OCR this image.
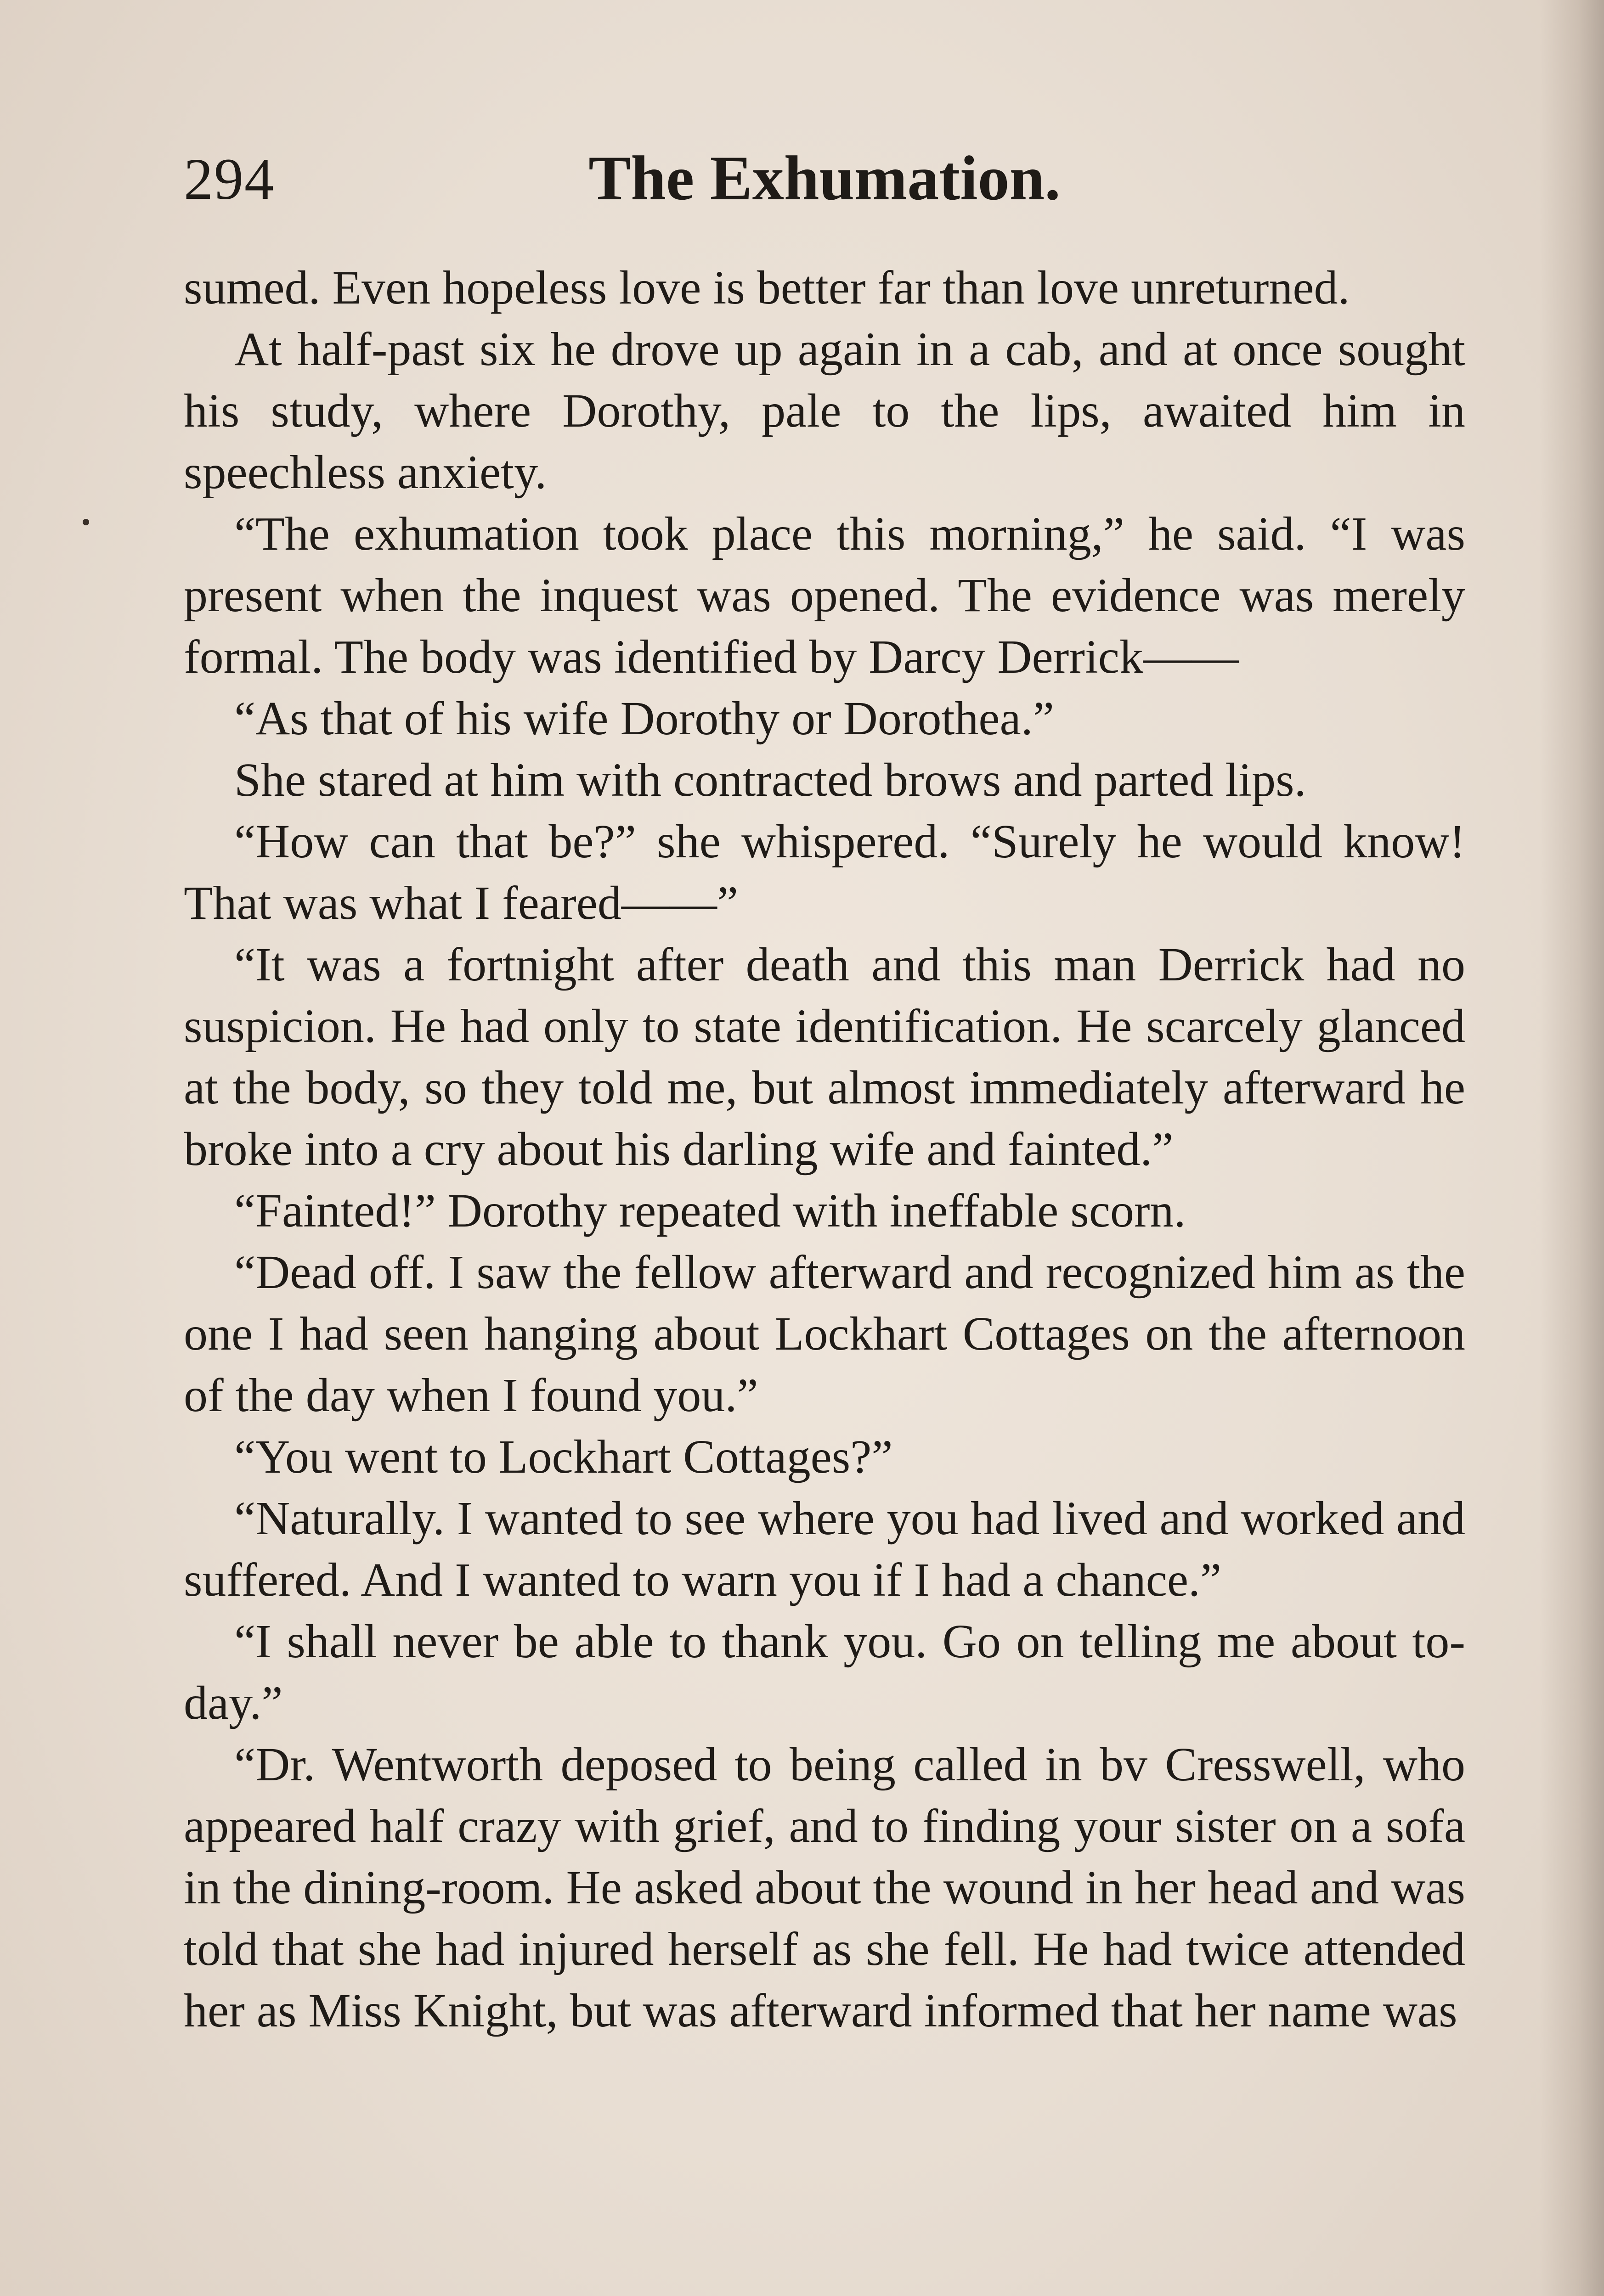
294	The Exhumation.

sumed. Even hopeless love is better far than love unreturned.

At half-past six he drove up again in a cab, and at once sought his study, where Dorothy, pale to the lips, awaited him in speechless anxiety.

“The exhumation took place this morning,” he said. “I was present when the inquest was opened. The evidence was merely formal. The body was identified by Darcy Derrick——

“As that of his wife Dorothy or Dorothea.”

She stared at him with contracted brows and parted lips.

“How can that be?” she whispered. “Surely he would know! That was what I feared——”

“It was a fortnight after death and this man Derrick had no suspicion. He had only to state identification. He scarcely glanced at the body, so they told me, but almost immediately afterward he broke into a cry about his darling wife and fainted.”

“Fainted!” Dorothy repeated with ineffable scorn.

“Dead off. I saw the fellow afterward and recognized him as the one I had seen hanging about Lockhart Cottages on the afternoon of the day when I found you.”

“You went to Lockhart Cottages?”

“Naturally. I wanted to see where you had lived and worked and suffered. And I wanted to warn you if I had a chance.”

“I shall never be able to thank you. Go on telling me about to-day.”

“Dr. Wentworth deposed to being called in bv Cresswell, who appeared half crazy with grief, and to finding your sister on a sofa in the dining-room. He asked about the wound in her head and was told that she had injured herself as she fell. He had twice attended her as Miss Knight, but was afterward informed that her name was
